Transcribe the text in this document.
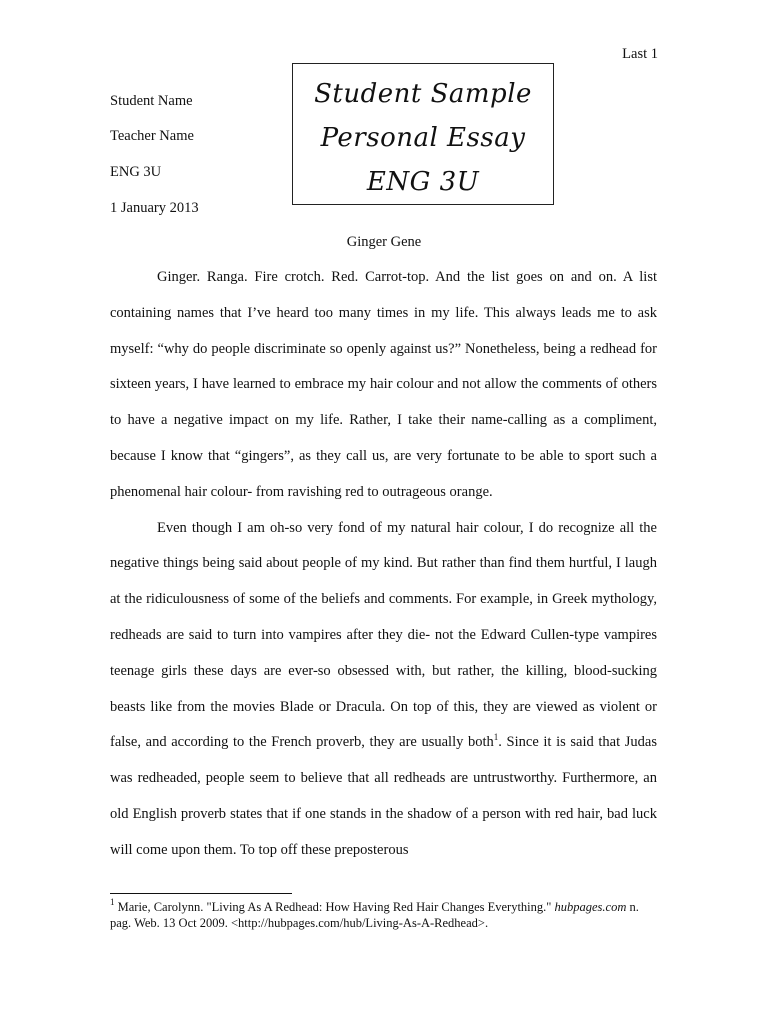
Last 1
Student Name
Teacher Name
ENG 3U
1 January 2013
Student Sample
Personal Essay
ENG 3U
Ginger Gene

Ginger. Ranga. Fire crotch. Red. Carrot-top. And the list goes on and on. A list containing names that I’ve heard too many times in my life. This always leads me to ask myself: “why do people discriminate so openly against us?” Nonetheless, being a redhead for sixteen years, I have learned to embrace my hair colour and not allow the comments of others to have a negative impact on my life. Rather, I take their name-calling as a compliment, because I know that “gingers”, as they call us, are very fortunate to be able to sport such a phenomenal hair colour- from ravishing red to outrageous orange.

Even though I am oh-so very fond of my natural hair colour, I do recognize all the negative things being said about people of my kind. But rather than find them hurtful, I laugh at the ridiculousness of some of the beliefs and comments. For example, in Greek mythology, redheads are said to turn into vampires after they die- not the Edward Cullen-type vampires teenage girls these days are ever-so obsessed with, but rather, the killing, blood-sucking beasts like from the movies Blade or Dracula. On top of this, they are viewed as violent or false, and according to the French proverb, they are usually both$^1$. Since it is said that Judas was redheaded, people seem to believe that all redheads are untrustworthy. Furthermore, an old English proverb states that if one stands in the shadow of a person with red hair, bad luck will come upon them. To top off these preposterous

$^1$ Marie, Carolynn. "Living As A Redhead: How Having Red Hair Changes Everything." hubpages.com n. pag. Web. 13 Oct 2009. <http://hubpages.com/hub/Living-As-A-Redhead>.
